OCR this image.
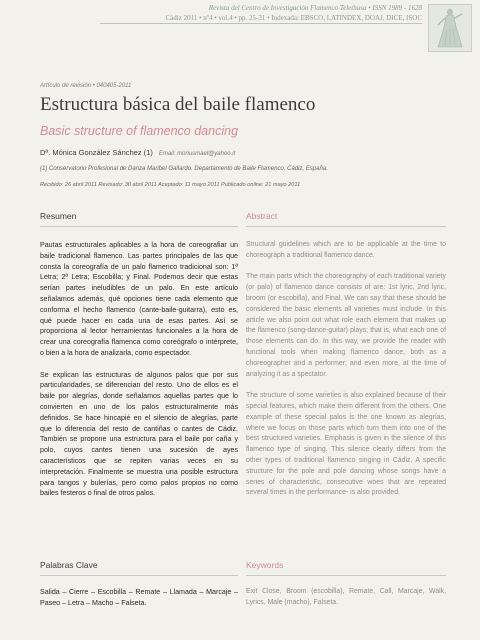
Revista del Centro de Investigación Flamenco Telethusa • ISSN 1989 - 1628
Cádiz 2011 • nº4 • vol.4 • pp. 25-31 • Indexada: EBSCO, LATINDEX, DOAJ, DICE, ISOC
Artículo de revisión • 040405-2011
Estructura básica del baile flamenco
Basic structure of flamenco dancing
Dª. Mónica González Sánchez (1) Email: monusmael@yahoo.it
(1) Conservatorio Profesional de Danza Maribel Gallardo. Departamento de Baile Flamenco. Cádiz, España.
Recibido: 26 abril 2011 Revisado: 30 abril 2011 Aceptado: 11 mayo 2011 Publicado online: 21 mayo 2011
Resumen

Pautas estructurales aplicables a la hora de coreografiar un baile tradicional flamenco. Las partes principales de las que consta la coreografía de un palo flamenco tradicional son: 1ª Letra; 2ª Letra; Escobilla; y Final. Podemos decir que estas serían partes ineludibles de un palo. En este artículo señalamos además, qué opciones tiene cada elemento que conforma el hecho flamenco (cante-baile-guitarra), esto es, qué puede hacer en cada una de esas partes. Así se proporciona al lector herramientas funcionales a la hora de crear una coreografía flamenca como coreógrafo o intérprete, o bien a la hora de analizarla, como espectador.

Se explican las estructuras de algunos palos que por sus particularidades, se diferencian del resto. Uno de ellos es el baile por alegrías, donde señalamos aquellas partes que lo convierten en uno de los palos estructuralmente más definidos. Se hace hincapié en el silencio de alegrías, parte que lo diferencia del resto de cantiñas o cantes de Cádiz. También se propone una estructura para el baile por caña y polo, cuyos cantes tienen una sucesión de ayes característicos que se repiten varias veces en su interpretación. Finalmente se muestra una posible estructura para tangos y bulerías, pero como palos propios no como bailes festeros o final de otros palos.

Abstract

Structural guidelines which are to be applicable at the time to choreograph a traditional flamenco dance.

The main parts which the choreography of each traditional variety (or palo) of flamenco dance consists of are: 1st lyric, 2nd lyric, broom (or escobilla), and Final. We can say that these should be considered the basic elements all varieties must include. In this article we also point out what role each element that makes up the flamenco (song-dance-guitar) plays; that is, what each one of those elements can do. In this way, we provide the reader with functional tools when making flamenco dance, both as a choreographer and a performer; and even more, at the time of analyzing it as a spectator.

The structure of some varieties is also explained because of their special features, which make them different from the others. One example of these special palos is the one known as alegrías, where we focus on those parts which turn them into one of the best structured varieties. Emphasis is given in the silence of this flamenco type of singing. This silence clearly differs from the other types of traditional flamenco singing in Cádiz. A specific structure for the pole and pole dancing whose songs have a series of characteristic, consecutive woes that are repeated several times in the performance- is also provided.

Palabras Clave
Salida – Cierre – Escobilla – Remate – Llamada – Marcaje – Paseo – Letra – Macho – Falseta.
Keywords
Exit Close, Broom (escobilla), Remate, Call, Marcaje, Walk, Lyrics, Male (macho), Falseta.
